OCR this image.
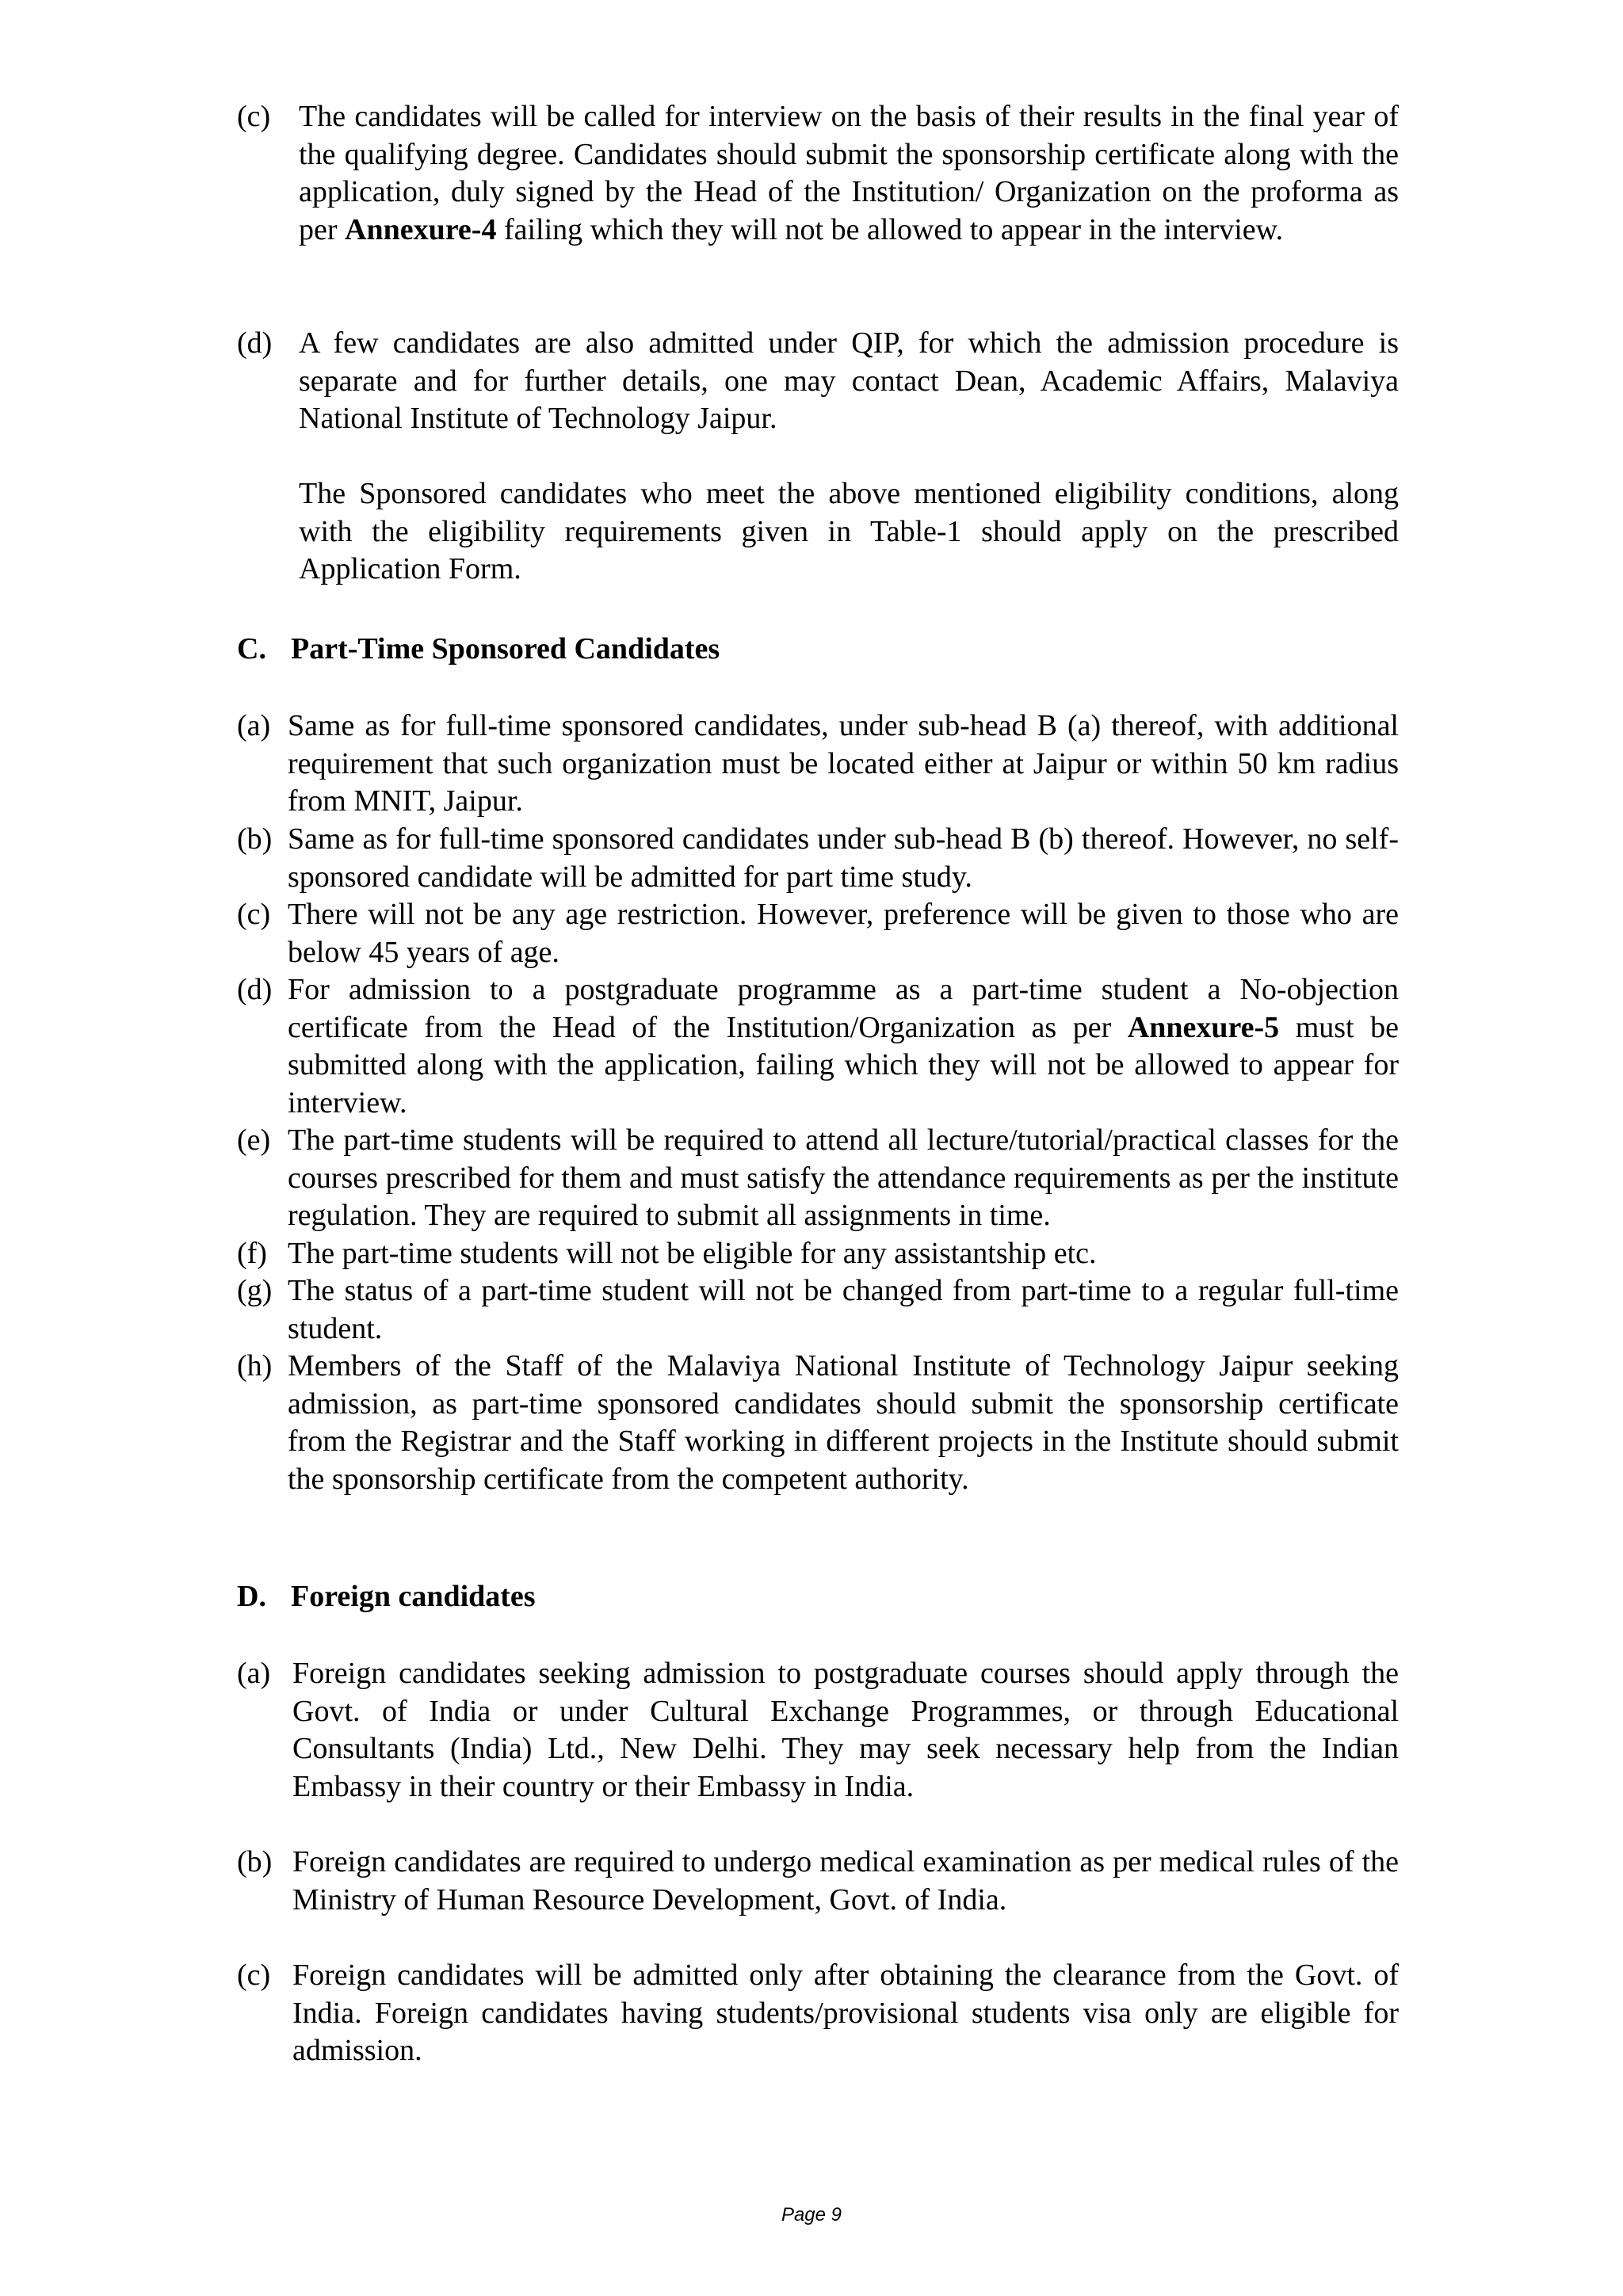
(c) The candidates will be called for interview on the basis of their results in the final year of the qualifying degree. Candidates should submit the sponsorship certificate along with the application, duly signed by the Head of the Institution/ Organization on the proforma as per Annexure-4 failing which they will not be allowed to appear in the interview.
(d) A few candidates are also admitted under QIP, for which the admission procedure is separate and for further details, one may contact Dean, Academic Affairs, Malaviya National Institute of Technology Jaipur.
The Sponsored candidates who meet the above mentioned eligibility conditions, along with the eligibility requirements given in Table-1 should apply on the prescribed Application Form.
C. Part-Time Sponsored Candidates
(a) Same as for full-time sponsored candidates, under sub-head B (a) thereof, with additional requirement that such organization must be located either at Jaipur or within 50 km radius from MNIT, Jaipur.
(b) Same as for full-time sponsored candidates under sub-head B (b) thereof. However, no self-sponsored candidate will be admitted for part time study.
(c) There will not be any age restriction. However, preference will be given to those who are below 45 years of age.
(d) For admission to a postgraduate programme as a part-time student a No-objection certificate from the Head of the Institution/Organization as per Annexure-5 must be submitted along with the application, failing which they will not be allowed to appear for interview.
(e) The part-time students will be required to attend all lecture/tutorial/practical classes for the courses prescribed for them and must satisfy the attendance requirements as per the institute regulation. They are required to submit all assignments in time.
(f) The part-time students will not be eligible for any assistantship etc.
(g) The status of a part-time student will not be changed from part-time to a regular full-time student.
(h) Members of the Staff of the Malaviya National Institute of Technology Jaipur seeking admission, as part-time sponsored candidates should submit the sponsorship certificate from the Registrar and the Staff working in different projects in the Institute should submit the sponsorship certificate from the competent authority.
D. Foreign candidates
(a) Foreign candidates seeking admission to postgraduate courses should apply through the Govt. of India or under Cultural Exchange Programmes, or through Educational Consultants (India) Ltd., New Delhi. They may seek necessary help from the Indian Embassy in their country or their Embassy in India.
(b) Foreign candidates are required to undergo medical examination as per medical rules of the Ministry of Human Resource Development, Govt. of India.
(c) Foreign candidates will be admitted only after obtaining the clearance from the Govt. of India. Foreign candidates having students/provisional students visa only are eligible for admission.
Page 9
